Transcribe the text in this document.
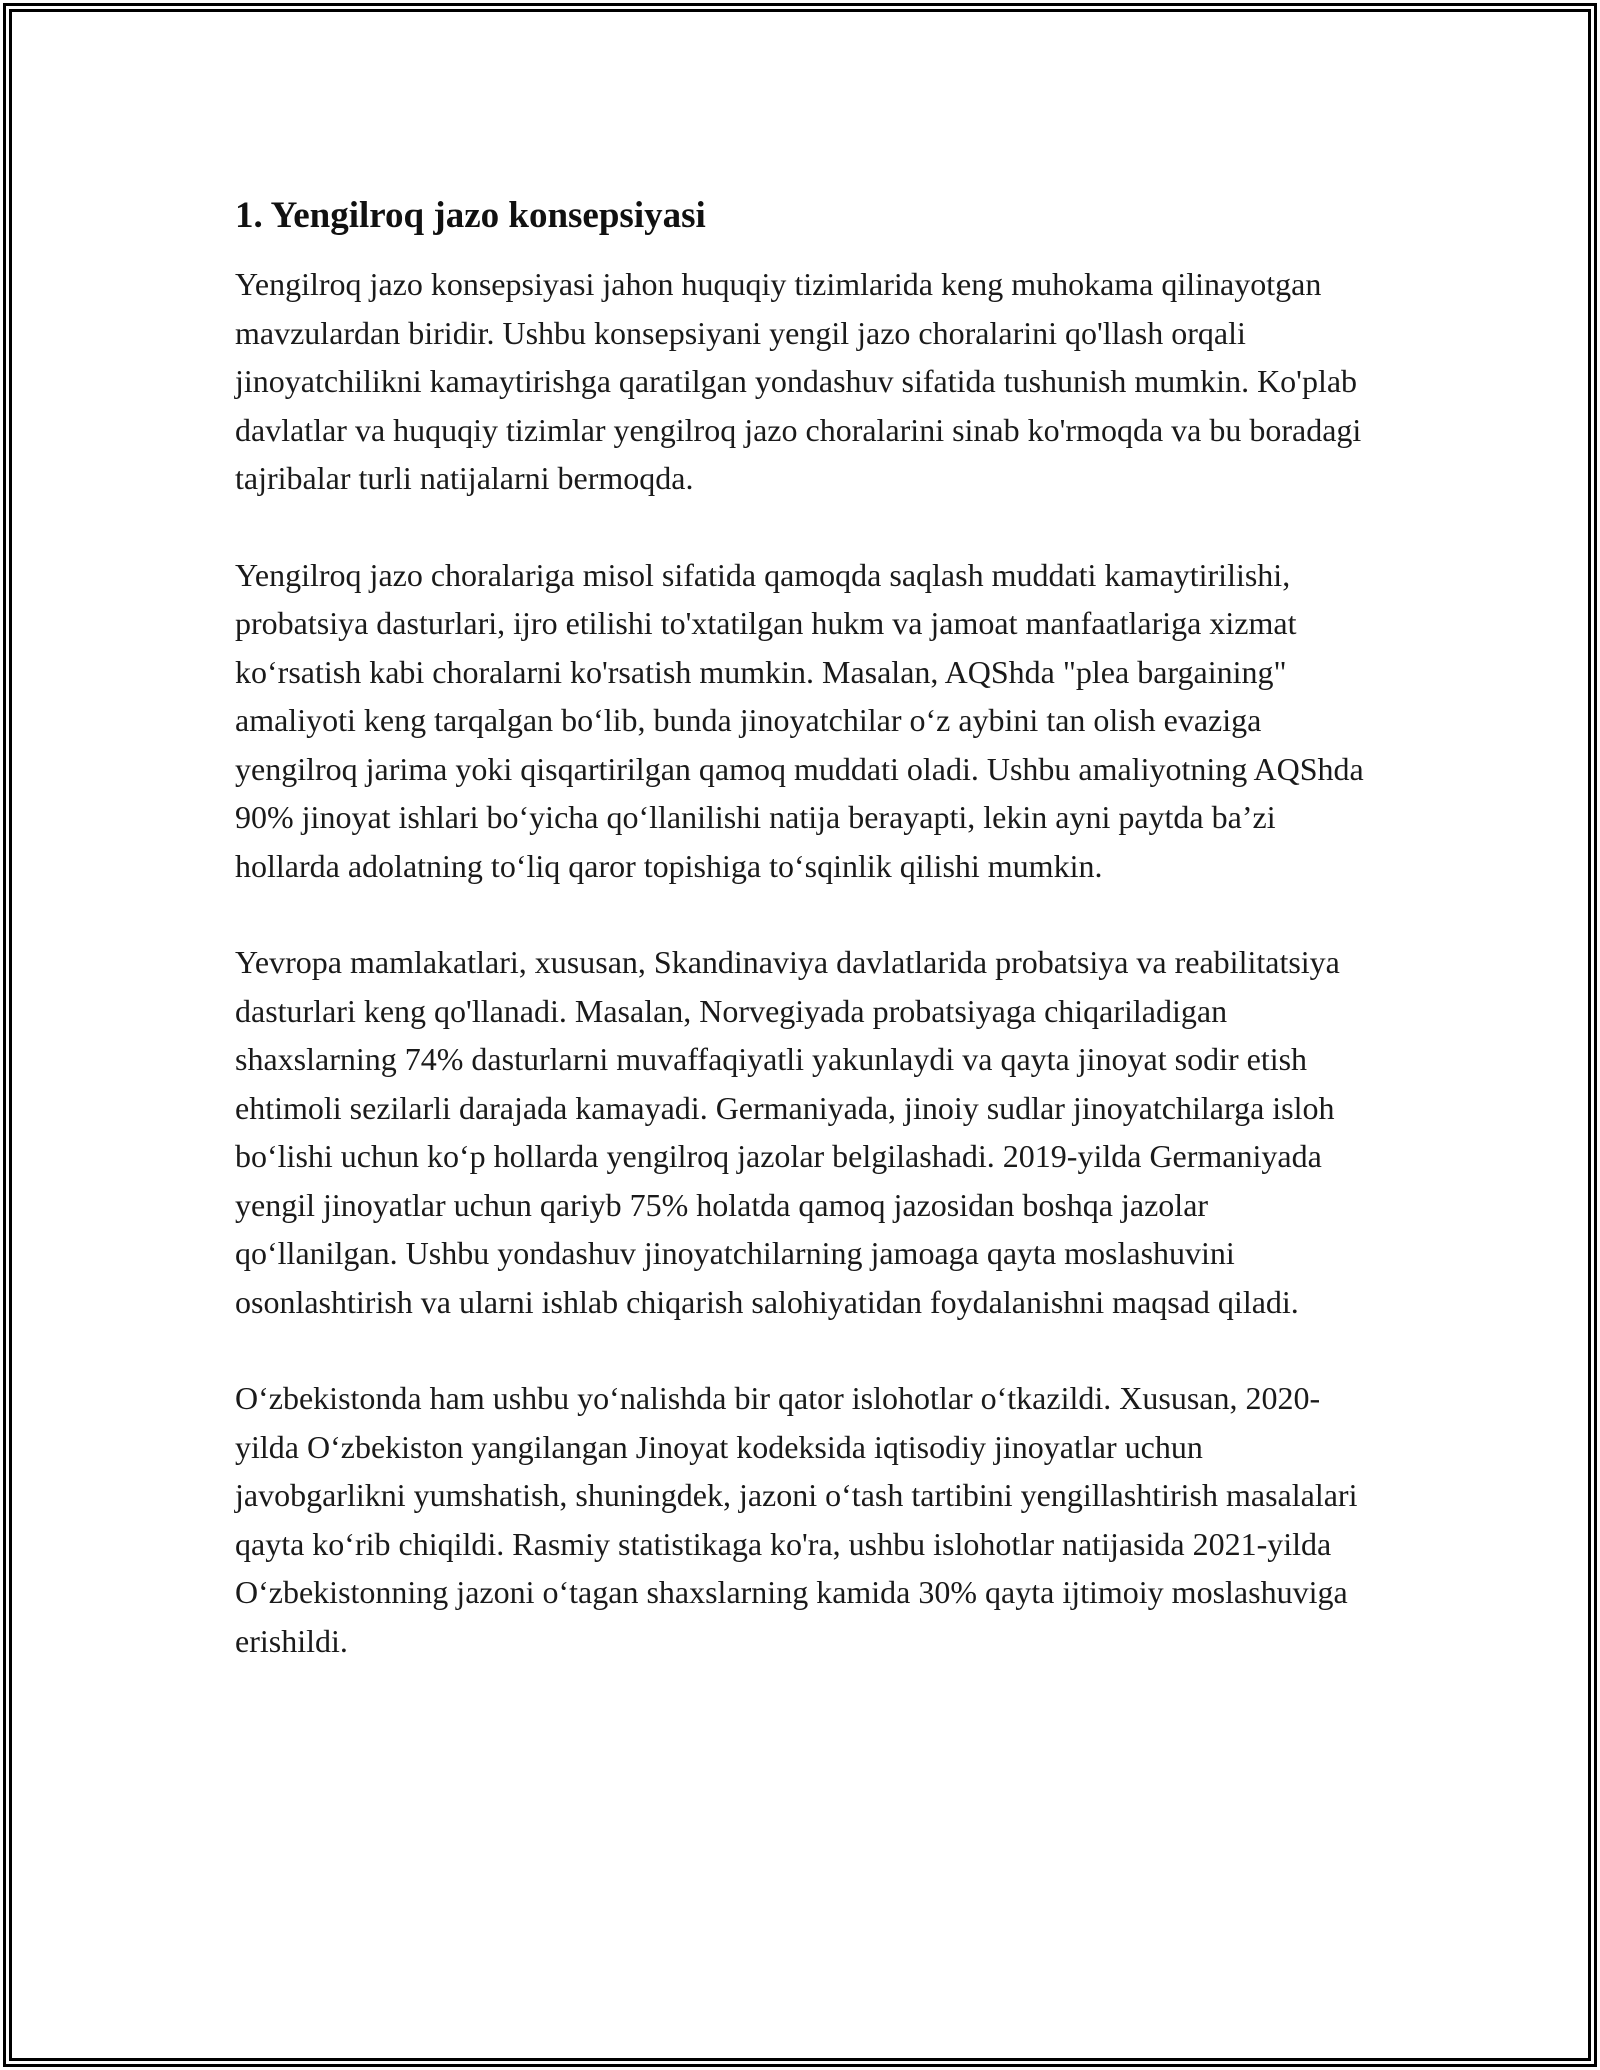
1. Yengilroq jazo konsepsiyasi

Yengilroq jazo konsepsiyasi jahon huquqiy tizimlarida keng muhokama qilinayotgan mavzulardan biridir. Ushbu konsepsiyani yengil jazo choralarini qo'llash orqali jinoyatchilikni kamaytirishga qaratilgan yondashuv sifatida tushunish mumkin. Ko'plab davlatlar va huquqiy tizimlar yengilroq jazo choralarini sinab ko'rmoqda va bu boradagi tajribalar turli natijalarni bermoqda.

Yengilroq jazo choralariga misol sifatida qamoqda saqlash muddati kamaytirilishi, probatsiya dasturlari, ijro etilishi to'xtatilgan hukm va jamoat manfaatlariga xizmat ko‘rsatish kabi choralarni ko'rsatish mumkin. Masalan, AQShda "plea bargaining" amaliyoti keng tarqalgan bo‘lib, bunda jinoyatchilar o‘z aybini tan olish evaziga yengilroq jarima yoki qisqartirilgan qamoq muddati oladi. Ushbu amaliyotning AQShda 90% jinoyat ishlari bo‘yicha qo‘llanilishi natija berayapti, lekin ayni paytda ba’zi hollarda adolatning to‘liq qaror topishiga to‘sqinlik qilishi mumkin.

Yevropa mamlakatlari, xususan, Skandinaviya davlatlarida probatsiya va reabilitatsiya dasturlari keng qo'llanadi. Masalan, Norvegiyada probatsiyaga chiqariladigan shaxslarning 74% dasturlarni muvaffaqiyatli yakunlaydi va qayta jinoyat sodir etish ehtimoli sezilarli darajada kamayadi. Germaniyada, jinoiy sudlar jinoyatchilarga isloh bo‘lishi uchun ko‘p hollarda yengilroq jazolar belgilashadi. 2019-yilda Germaniyada yengil jinoyatlar uchun qariyb 75% holatda qamoq jazosidan boshqa jazolar qo‘llanilgan. Ushbu yondashuv jinoyatchilarning jamoaga qayta moslashuvini osonlashtirish va ularni ishlab chiqarish salohiyatidan foydalanishni maqsad qiladi.

O‘zbekistonda ham ushbu yo‘nalishda bir qator islohotlar o‘tkazildi. Xususan, 2020-yilda O‘zbekiston yangilangan Jinoyat kodeksida iqtisodiy jinoyatlar uchun javobgarlikni yumshatish, shuningdek, jazoni o‘tash tartibini yengillashtirish masalalari qayta ko‘rib chiqildi. Rasmiy statistikaga ko'ra, ushbu islohotlar natijasida 2021-yilda O‘zbekistonning jazoni o‘tagan shaxslarning kamida 30% qayta ijtimoiy moslashuviga erishildi.
